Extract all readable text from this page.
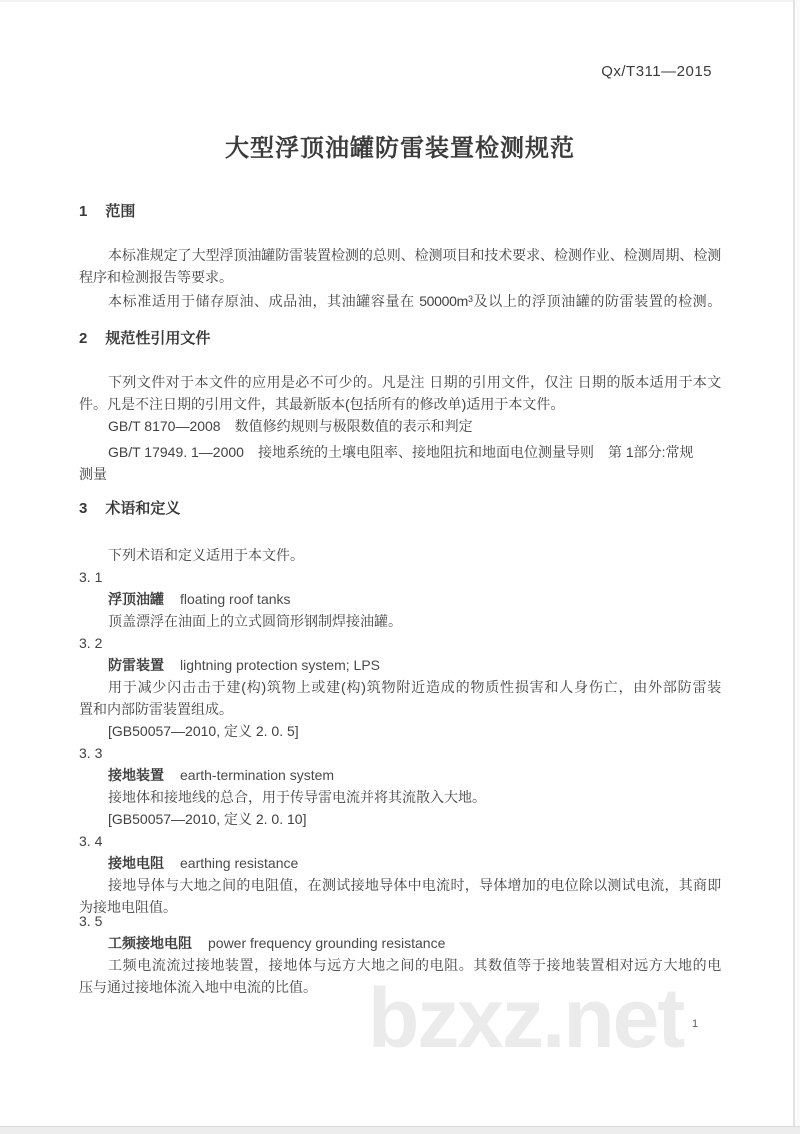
Qx/T311—2015
大型浮顶油罐防雷装置检测规范
1 范围
本标准规定了大型浮顶油罐防雷装置检测的总则、检测项目和技术要求、检测作业、检测周期、检测
程序和检测报告等要求。
本标准适用于储存原油、成品油，其油罐容量在 $50000m^3$及以上的浮顶油罐的防雷装置的检测。
2 规范性引用文件
下列文件对于本文件的应用是必不可少的。凡是注 日期的引用文件，仅注 日期的版本适用于本文
件。凡是不注日期的引用文件，其最新版本(包括所有的修改单)适用于本文件。
GB/T 8170—2008　数值修约规则与极限数值的表示和判定
GB/T 17949. 1—2000　接地系统的土壤电阻率、接地阻抗和地面电位测量导则　第 1部分:常规
测量
3 术语和定义
下列术语和定义适用于本文件。
3. 1
浮顶油罐 floating roof tanks
顶盖漂浮在油面上的立式圆筒形钢制焊接油罐。
3. 2
防雷装置 lightning protection system; LPS
用于减少闪击击于建(构)筑物上或建(构)筑物附近造成的物质性损害和人身伤亡，由外部防雷装
置和内部防雷装置组成。
[GB50057—2010, 定义 2. 0. 5]
3. 3
接地装置 earth-termination system
接地体和接地线的总合，用于传导雷电流并将其流散入大地。
[GB50057—2010, 定义 2. 0. 10]
3. 4
接地电阻 earthing resistance
接地导体与大地之间的电阻值，在测试接地导体中电流时，导体增加的电位除以测试电流，其商即
为接地电阻值。
3. 5
工频接地电阻 power frequency grounding resistance
工频电流流过接地装置，接地体与远方大地之间的电阻。其数值等于接地装置相对远方大地的电
压与通过接地体流入地中电流的比值。 bzxz.net 1
